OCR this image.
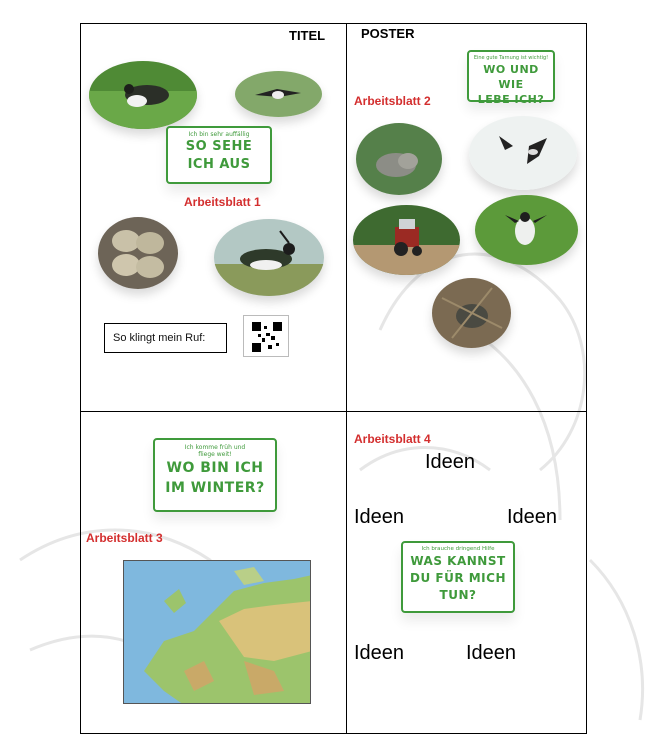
TITEL
Ich bin sehr auffällig
SO SEHE
ICH AUS
Arbeitsblatt 1
So klingt mein Ruf:
POSTER
Eine gute Tarnung ist wichtig!
WO UND WIE
LEBE ICH?
Arbeitsblatt 2
Ich komme früh und
fliege weit!
WO BIN ICH
IM WINTER?
Arbeitsblatt 3
Arbeitsblatt 4
Ideen
Ideen	Ideen
Ich brauche dringend Hilfe
WAS KANNST
DU FÜR MICH
TUN?
Ideen	Ideen
